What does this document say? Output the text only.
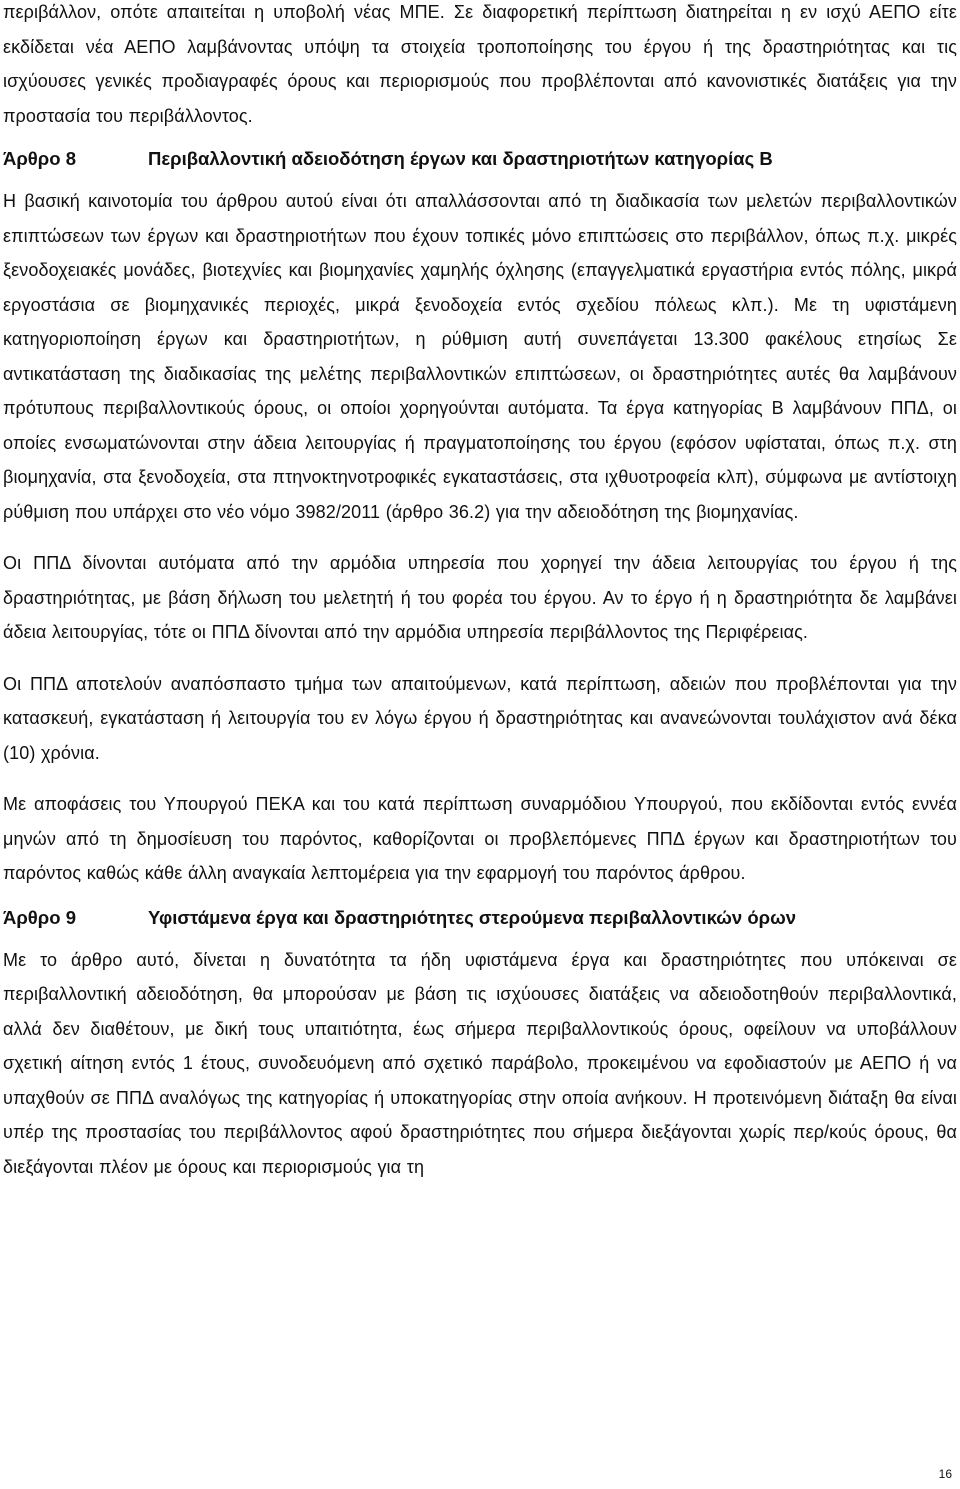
περιβάλλον, οπότε απαιτείται η υποβολή νέας ΜΠΕ. Σε διαφορετική περίπτωση διατηρείται η εν ισχύ ΑΕΠΟ είτε εκδίδεται νέα ΑΕΠΟ λαμβάνοντας υπόψη τα στοιχεία τροποποίησης του έργου ή της δραστηριότητας και τις ισχύουσες γενικές προδιαγραφές όρους και περιορισμούς που προβλέπονται από κανονιστικές διατάξεις για την προστασία του περιβάλλοντος.

Άρθρο 8	Περιβαλλοντική αδειοδότηση έργων και δραστηριοτήτων κατηγορίας Β

Η βασική καινοτομία του άρθρου αυτού είναι ότι απαλλάσσονται από τη διαδικασία των μελετών περιβαλλοντικών επιπτώσεων των έργων και δραστηριοτήτων που έχουν τοπικές μόνο επιπτώσεις στο περιβάλλον, όπως π.χ. μικρές ξενοδοχειακές μονάδες, βιοτεχνίες και βιομηχανίες χαμηλής όχλησης (επαγγελματικά εργαστήρια εντός πόλης, μικρά εργοστάσια σε βιομηχανικές περιοχές, μικρά ξενοδοχεία εντός σχεδίου πόλεως κλπ.). Με τη υφιστάμενη κατηγοριοποίηση έργων και δραστηριοτήτων, η ρύθμιση αυτή συνεπάγεται 13.300 φακέλους ετησίως Σε αντικατάσταση της διαδικασίας της μελέτης περιβαλλοντικών επιπτώσεων, οι δραστηριότητες αυτές θα λαμβάνουν πρότυπους περιβαλλοντικούς όρους, οι οποίοι χορηγούνται αυτόματα. Τα έργα κατηγορίας Β λαμβάνουν ΠΠΔ, οι οποίες ενσωματώνονται στην άδεια λειτουργίας ή πραγματοποίησης του έργου (εφόσον υφίσταται, όπως π.χ. στη βιομηχανία, στα ξενοδοχεία, στα πτηνοκτηνοτροφικές εγκαταστάσεις, στα ιχθυοτροφεία κλπ), σύμφωνα με αντίστοιχη ρύθμιση που υπάρχει στο νέο νόμο 3982/2011 (άρθρο 36.2) για την αδειοδότηση της βιομηχανίας.

Οι ΠΠΔ δίνονται αυτόματα από την αρμόδια υπηρεσία που χορηγεί την άδεια λειτουργίας του έργου ή της δραστηριότητας, με βάση δήλωση του μελετητή ή του φορέα του έργου. Αν το έργο ή η δραστηριότητα δε λαμβάνει άδεια λειτουργίας, τότε οι ΠΠΔ δίνονται από την αρμόδια υπηρεσία περιβάλλοντος της Περιφέρειας.

Οι ΠΠΔ αποτελούν αναπόσπαστο τμήμα των απαιτούμενων, κατά περίπτωση, αδειών που προβλέπονται για την κατασκευή, εγκατάσταση ή λειτουργία του εν λόγω έργου ή δραστηριότητας και ανανεώνονται τουλάχιστον ανά δέκα (10) χρόνια.

Με αποφάσεις του Υπουργού ΠΕΚΑ και του κατά περίπτωση συναρμόδιου Υπουργού, που εκδίδονται εντός εννέα μηνών από τη δημοσίευση του παρόντος, καθορίζονται οι προβλεπόμενες ΠΠΔ έργων και δραστηριοτήτων του παρόντος καθώς κάθε άλλη αναγκαία λεπτομέρεια για την εφαρμογή του παρόντος άρθρου.

Άρθρο 9	Υφιστάμενα έργα και δραστηριότητες στερούμενα περιβαλλοντικών όρων

Με το άρθρο αυτό, δίνεται η δυνατότητα τα ήδη υφιστάμενα έργα και δραστηριότητες που υπόκειναι σε περιβαλλοντική αδειοδότηση, θα μπορούσαν με βάση τις ισχύουσες διατάξεις να αδειοδοτηθούν περιβαλλοντικά, αλλά δεν διαθέτουν, με δική τους υπαιτιότητα, έως σήμερα περιβαλλοντικούς όρους, οφείλουν να υποβάλλουν σχετική αίτηση εντός 1 έτους, συνοδευόμενη από σχετικό παράβολο, προκειμένου να εφοδιαστούν με ΑΕΠΟ ή να υπαχθούν σε ΠΠΔ αναλόγως της κατηγορίας ή υποκατηγορίας στην οποία ανήκουν. Η προτεινόμενη διάταξη θα είναι υπέρ της προστασίας του περιβάλλοντος αφού δραστηριότητες που σήμερα διεξάγονται χωρίς περ/κούς όρους, θα διεξάγονται πλέον με όρους και περιορισμούς για τη

16
